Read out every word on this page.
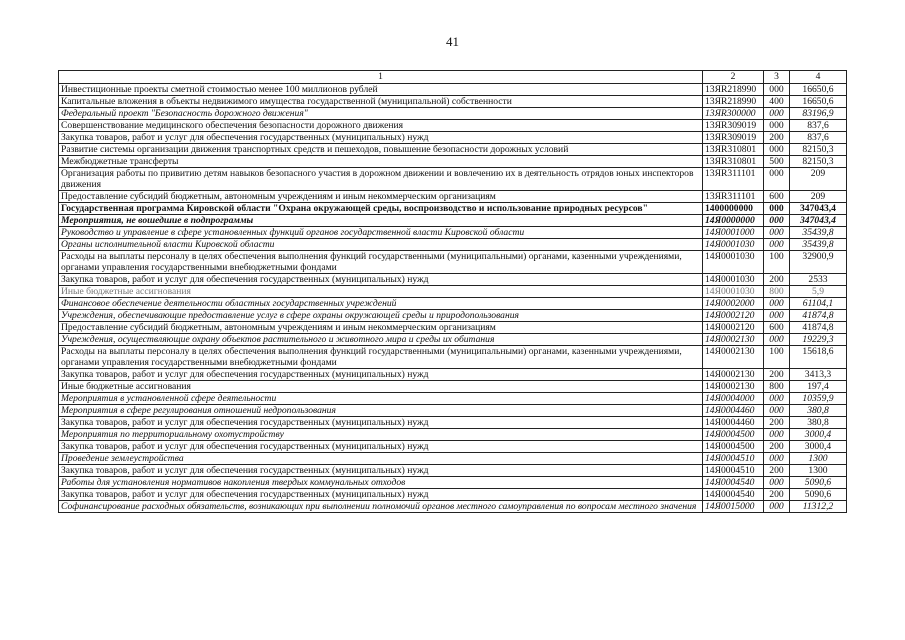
41
1	2	3	4
Инвестиционные проекты сметной стоимостью менее 100 миллионов рублей	13ЯR218990	000	16650,6
Капитальные вложения в объекты недвижимого имущества государственной (муниципальной) собственности	13ЯR218990	400	16650,6
Федеральный проект "Безопасность дорожного движения"	13ЯR300000	000	83196,9
Совершенствование медицинского обеспечения безопасности дорожного движения	13ЯR309019	000	837,6
Закупка товаров, работ и услуг для обеспечения государственных (муниципальных) нужд	13ЯR309019	200	837,6
Развитие системы организации движения транспортных средств и пешеходов, повышение безопасности дорожных условий	13ЯR310801	000	82150,3
Межбюджетные трансферты	13ЯR310801	500	82150,3
Организация работы по привитию детям навыков безопасного участия в дорожном движении и вовлечению их в деятельность отрядов юных инспекторов движения	13ЯR311101	000	209
Предоставление субсидий бюджетным, автономным учреждениям и иным некоммерческим организациям	13ЯR311101	600	209
Государственная программа Кировской области "Охрана окружающей среды, воспроизводство и использование природных ресурсов"	1400000000	000	347043,4
Мероприятия, не вошедшие в подпрограммы	14Я0000000	000	347043,4
Руководство и управление в сфере установленных функций органов государственной власти Кировской области	14Я0001000	000	35439,8
Органы исполнительной власти Кировской области	14Я0001030	000	35439,8
Расходы на выплаты персоналу в целях обеспечения выполнения функций государственными (муниципальными) органами, казенными учреждениями, органами управления государственными внебюджетными фондами	14Я0001030	100	32900,9
Закупка товаров, работ и услуг для обеспечения государственных (муниципальных) нужд	14Я0001030	200	2533
Иные бюджетные ассигнования	14Я0001030	800	5,9
Финансовое обеспечение деятельности областных государственных учреждений	14Я0002000	000	61104,1
Учреждения, обеспечивающие предоставление услуг в сфере охраны окружающей среды и природопользования	14Я0002120	000	41874,8
Предоставление субсидий бюджетным, автономным учреждениям и иным некоммерческим организациям	14Я0002120	600	41874,8
Учреждения, осуществляющие охрану объектов растительного и животного мира и среды их обитания	14Я0002130	000	19229,3
Расходы на выплаты персоналу в целях обеспечения выполнения функций государственными (муниципальными) органами, казенными учреждениями, органами управления государственными внебюджетными фондами	14Я0002130	100	15618,6
Закупка товаров, работ и услуг для обеспечения государственных (муниципальных) нужд	14Я0002130	200	3413,3
Иные бюджетные ассигнования	14Я0002130	800	197,4
Мероприятия в установленной сфере деятельности	14Я0004000	000	10359,9
Мероприятия в сфере регулирования отношений недропользования	14Я0004460	000	380,8
Закупка товаров, работ и услуг для обеспечения государственных (муниципальных) нужд	14Я0004460	200	380,8
Мероприятия по территориальному охотустройству	14Я0004500	000	3000,4
Закупка товаров, работ и услуг для обеспечения государственных (муниципальных) нужд	14Я0004500	200	3000,4
Проведение землеустройства	14Я0004510	000	1300
Закупка товаров, работ и услуг для обеспечения государственных (муниципальных) нужд	14Я0004510	200	1300
Работы для установления нормативов накопления твердых коммунальных отходов	14Я0004540	000	5090,6
Закупка товаров, работ и услуг для обеспечения государственных (муниципальных) нужд	14Я0004540	200	5090,6
Софинансирование расходных обязательств, возникающих при выполнении полномочий органов местного самоуправления по вопросам местного значения	14Я0015000	000	11312,2
